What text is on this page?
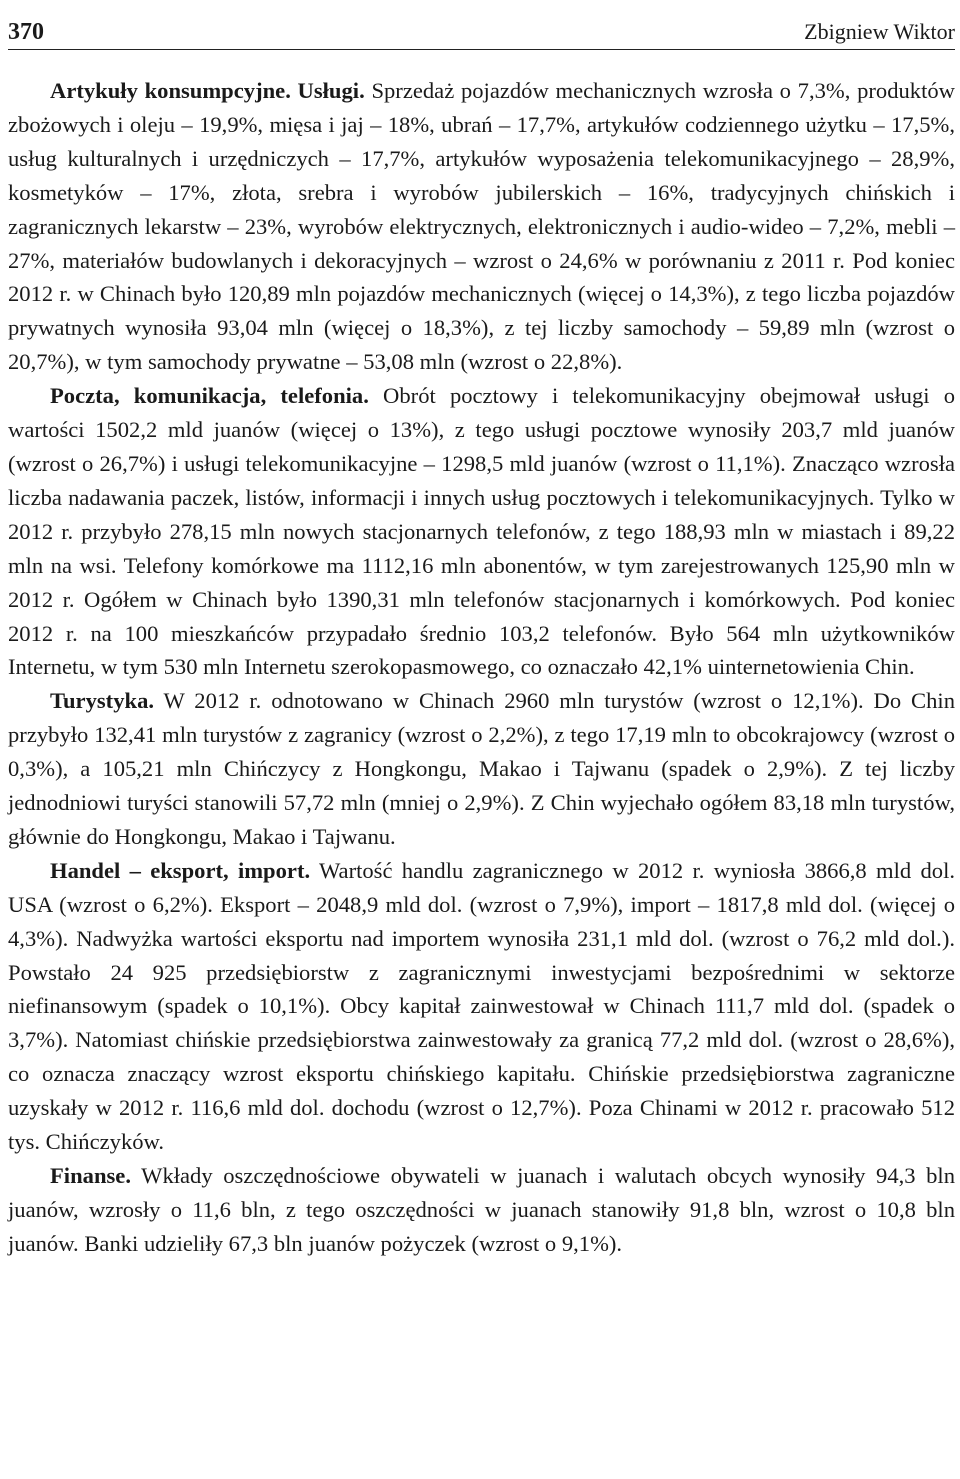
370	Zbigniew Wiktor

Artykuły konsumpcyjne. Usługi. Sprzedaż pojazdów mechanicznych wzrosła o 7,3%, produktów zbożowych i oleju – 19,9%, mięsa i jaj – 18%, ubrań – 17,7%, artykułów codziennego użytku – 17,5%, usług kulturalnych i urzędniczych – 17,7%, artykułów wyposażenia telekomunikacyjnego – 28,9%, kosmetyków – 17%, złota, srebra i wyrobów jubilerskich – 16%, tradycyjnych chińskich i zagranicznych lekarstw – 23%, wyrobów elektrycznych, elektronicznych i audio-wideo – 7,2%, mebli – 27%, materiałów budowlanych i dekoracyjnych – wzrost o 24,6% w porównaniu z 2011 r. Pod koniec 2012 r. w Chinach było 120,89 mln pojazdów mechanicznych (więcej o 14,3%), z tego liczba pojazdów prywatnych wynosiła 93,04 mln (więcej o 18,3%), z tej liczby samochody – 59,89 mln (wzrost o 20,7%), w tym samochody prywatne – 53,08 mln (wzrost o 22,8%).

Poczta, komunikacja, telefonia. Obrót pocztowy i telekomunikacyjny obejmował usługi o wartości 1502,2 mld juanów (więcej o 13%), z tego usługi pocztowe wynosiły 203,7 mld juanów (wzrost o 26,7%) i usługi telekomunikacyjne – 1298,5 mld juanów (wzrost o 11,1%). Znacząco wzrosła liczba nadawania paczek, listów, informacji i innych usług pocztowych i telekomunikacyjnych. Tylko w 2012 r. przybyło 278,15 mln nowych stacjonarnych telefonów, z tego 188,93 mln w miastach i 89,22 mln na wsi. Telefony komórkowe ma 1112,16 mln abonentów, w tym zarejestrowanych 125,90 mln w 2012 r. Ogółem w Chinach było 1390,31 mln telefonów stacjonarnych i komórkowych. Pod koniec 2012 r. na 100 mieszkańców przypadało średnio 103,2 telefonów. Było 564 mln użytkowników Internetu, w tym 530 mln Internetu szerokopasmowego, co oznaczało 42,1% uinternetowienia Chin.

Turystyka. W 2012 r. odnotowano w Chinach 2960 mln turystów (wzrost o 12,1%). Do Chin przybyło 132,41 mln turystów z zagranicy (wzrost o 2,2%), z tego 17,19 mln to obcokrajowcy (wzrost o 0,3%), a 105,21 mln Chińczycy z Hongkongu, Makao i Tajwanu (spadek o 2,9%). Z tej liczby jednodniowi turyści stanowili 57,72 mln (mniej o 2,9%). Z Chin wyjechało ogółem 83,18 mln turystów, głównie do Hongkongu, Makao i Tajwanu.

Handel – eksport, import. Wartość handlu zagranicznego w 2012 r. wyniosła 3866,8 mld dol. USA (wzrost o 6,2%). Eksport – 2048,9 mld dol. (wzrost o 7,9%), import – 1817,8 mld dol. (więcej o 4,3%). Nadwyżka wartości eksportu nad importem wynosiła 231,1 mld dol. (wzrost o 76,2 mld dol.). Powstało 24 925 przedsiębiorstw z zagranicznymi inwestycjami bezpośrednimi w sektorze niefinansowym (spadek o 10,1%). Obcy kapitał zainwestował w Chinach 111,7 mld dol. (spadek o 3,7%). Natomiast chińskie przedsiębiorstwa zainwestowały za granicą 77,2 mld dol. (wzrost o 28,6%), co oznacza znaczący wzrost eksportu chińskiego kapitału. Chińskie przedsiębiorstwa zagraniczne uzyskały w 2012 r. 116,6 mld dol. dochodu (wzrost o 12,7%). Poza Chinami w 2012 r. pracowało 512 tys. Chińczyków.

Finanse. Wkłady oszczędnościowe obywateli w juanach i walutach obcych wynosiły 94,3 bln juanów, wzrosły o 11,6 bln, z tego oszczędności w juanach stanowiły 91,8 bln, wzrost o 10,8 bln juanów. Banki udzieliły 67,3 bln juanów pożyczek (wzrost o 9,1%).
